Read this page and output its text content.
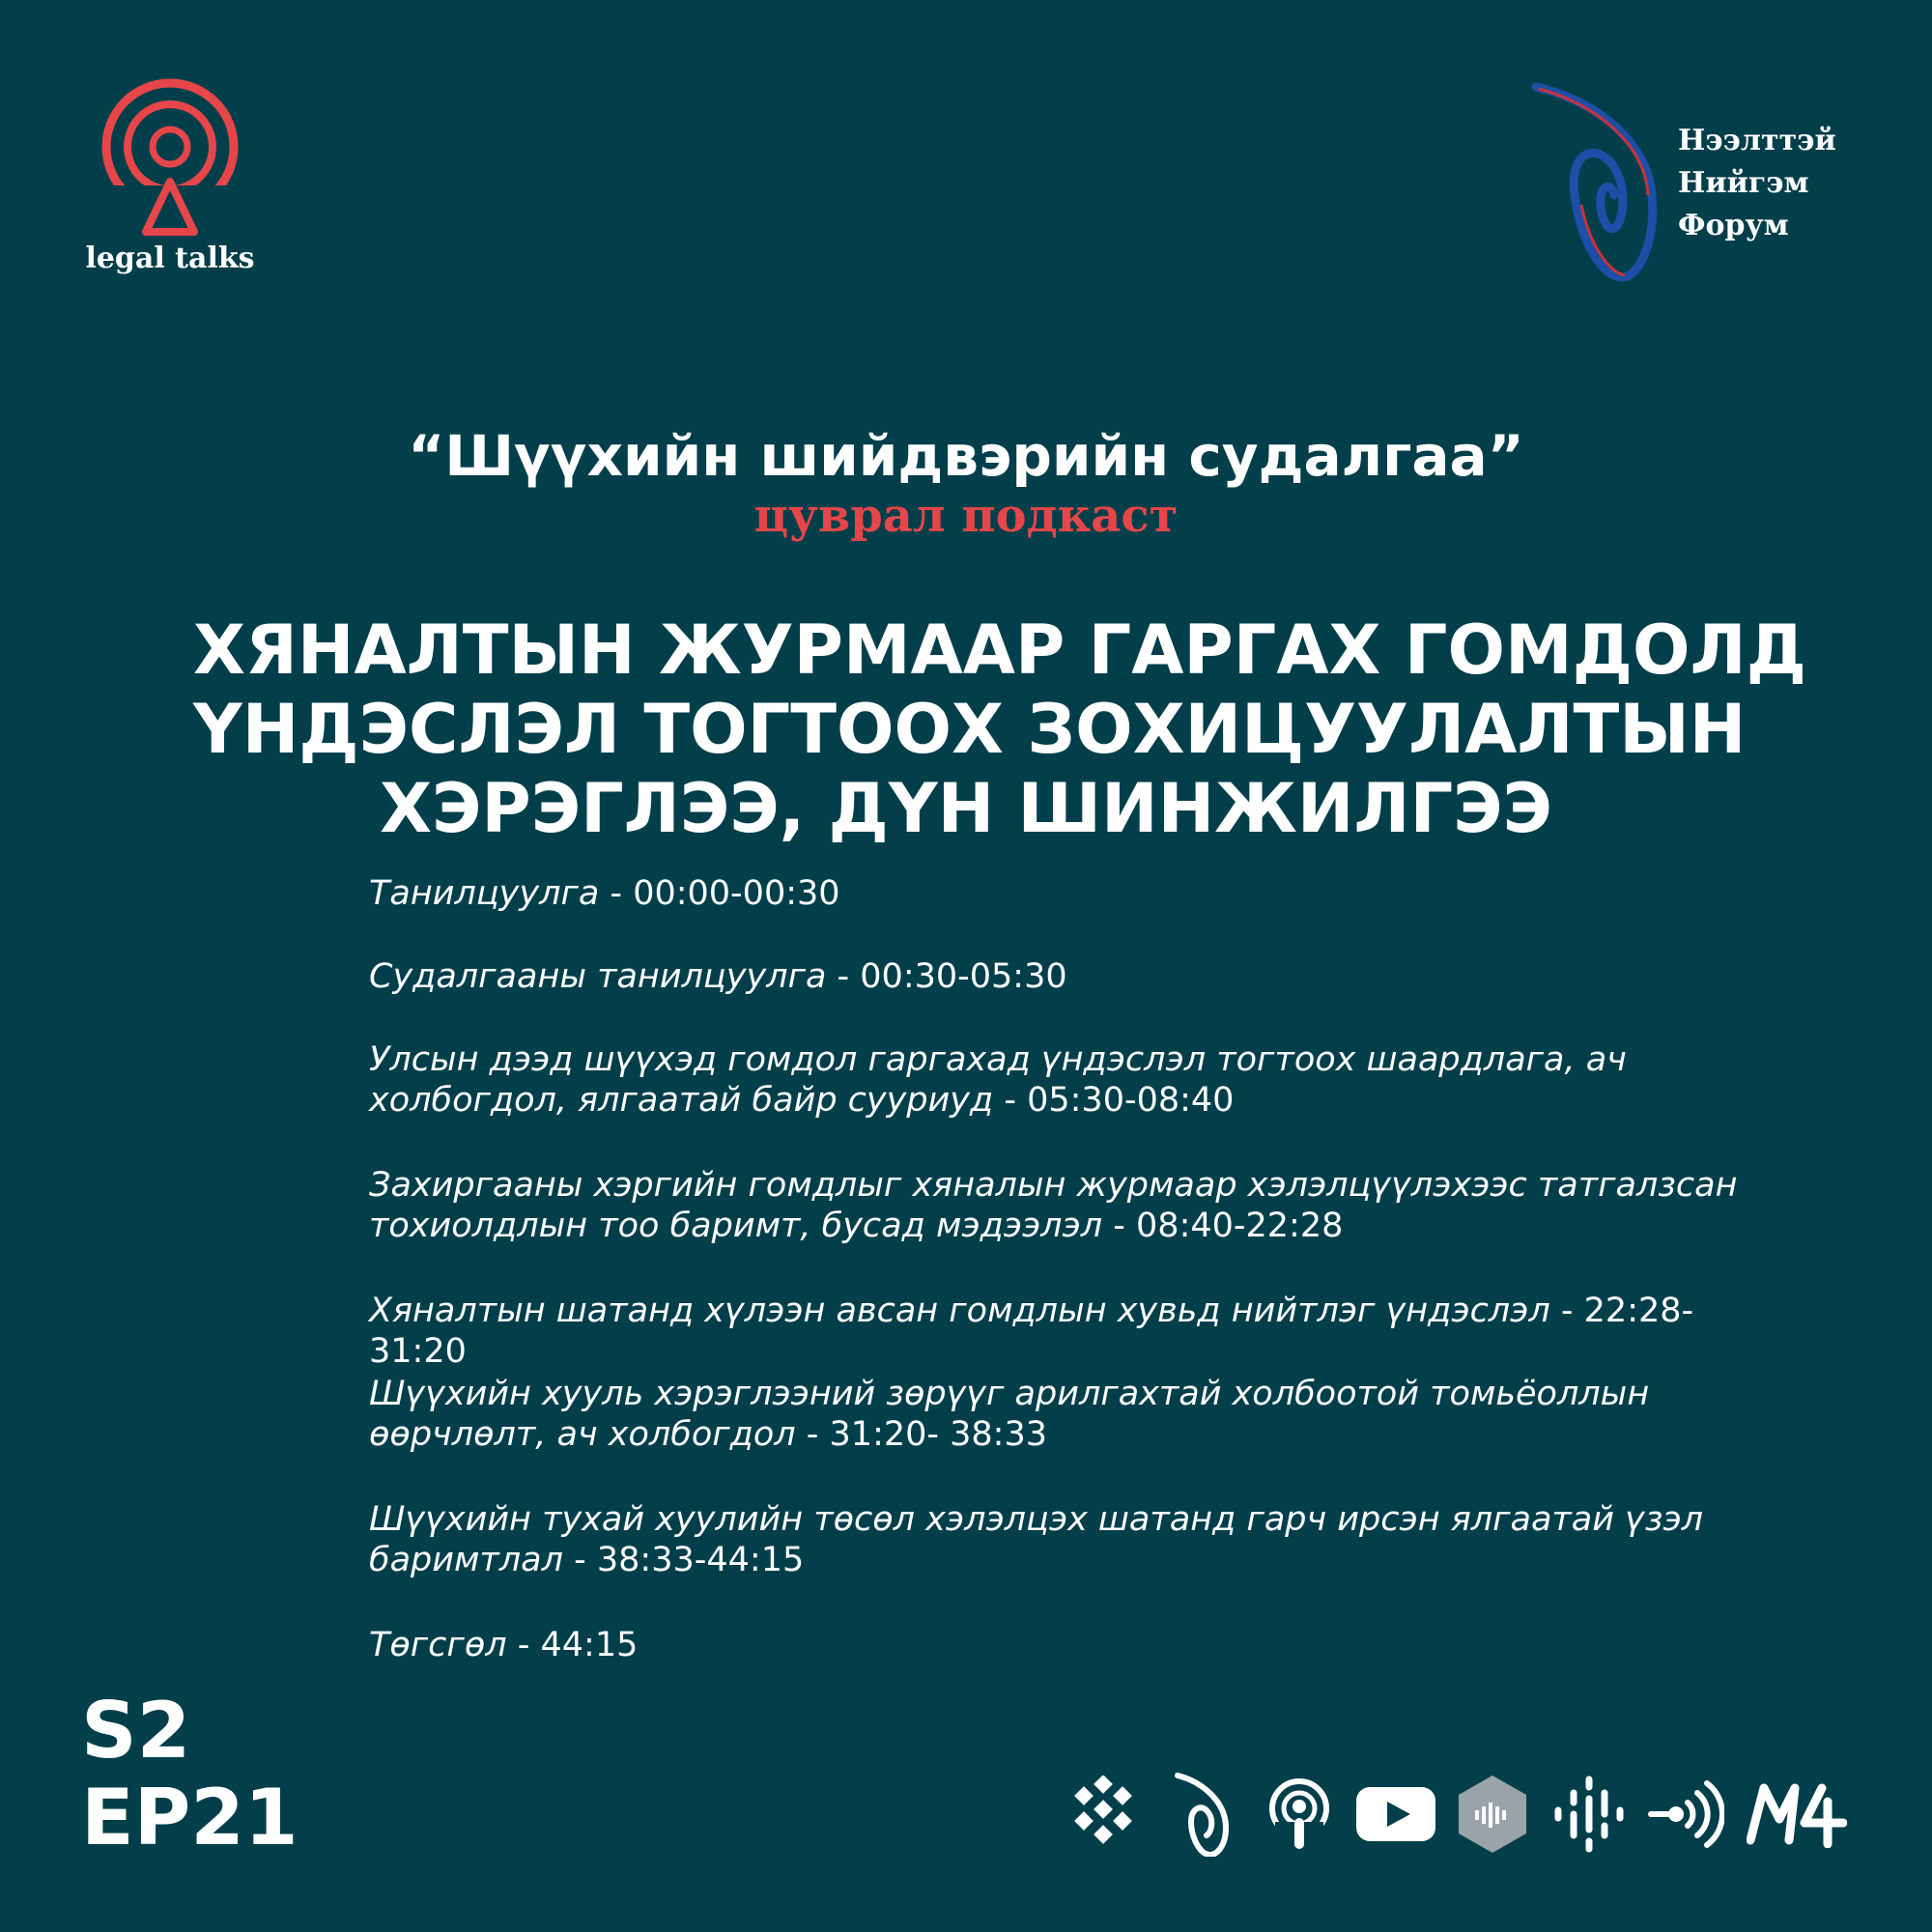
legal talks
Нээлттэй
Нийгэм
Форум
“Шүүхийн шийдвэрийн судалгаа”
цуврал подкаст
ХЯНАЛТЫН ЖУРМААР ГАРГАХ ГОМДОЛД
ҮНДЭСЛЭЛ ТОГТООХ ЗОХИЦУУЛАЛТЫН
ХЭРЭГЛЭЭ, ДҮН ШИНЖИЛГЭЭ
Танилцуулга - 00:00-00:30
Судалгааны танилцуулга - 00:30-05:30
Улсын дээд шүүхэд гомдол гаргахад үндэслэл тогтоох шаардлага, ач холбогдол, ялгаатай байр сууриуд - 05:30-08:40
Захиргааны хэргийн гомдлыг хяналын журмаар хэлэлцүүлэхээс татгалзсан тохиолдлын тоо баримт, бусад мэдээлэл - 08:40-22:28
Хяналтын шатанд хүлээн авсан гомдлын хувьд нийтлэг үндэслэл - 22:28-31:20
Шүүхийн хууль хэрэглээний зөрүүг арилгахтай холбоотой томьёоллын өөрчлөлт, ач холбогдол - 31:20- 38:33
Шүүхийн тухай хуулийн төсөл хэлэлцэх шатанд гарч ирсэн ялгаатай үзэл баримтлал - 38:33-44:15
Төгсгөл - 44:15
S2
EP21
